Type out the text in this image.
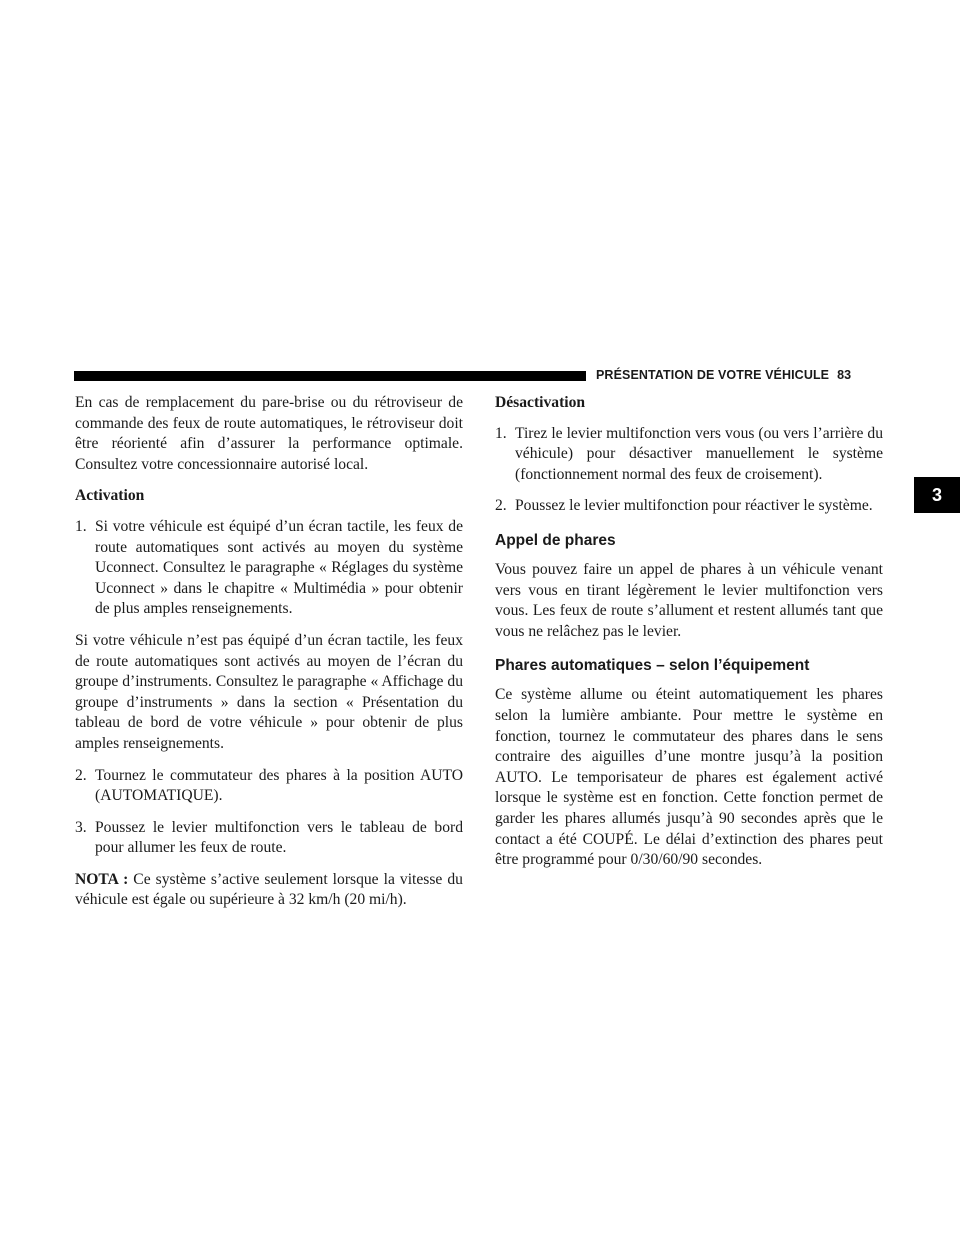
PRÉSENTATION DE VOTRE VÉHICULE 83
3

En cas de remplacement du pare-brise ou du rétroviseur de commande des feux de route automatiques, le rétroviseur doit être réorienté afin d’assurer la performance optimale. Consultez votre concessionnaire autorisé local.

Activation
1. Si votre véhicule est équipé d’un écran tactile, les feux de route automatiques sont activés au moyen du système Uconnect. Consultez le paragraphe « Réglages du système Uconnect » dans le chapitre « Multimédia » pour obtenir de plus amples renseignements.

Si votre véhicule n’est pas équipé d’un écran tactile, les feux de route automatiques sont activés au moyen de l’écran du groupe d’instruments. Consultez le paragraphe « Affichage du groupe d’instruments » dans la section « Présentation du tableau de bord de votre véhicule » pour obtenir de plus amples renseignements.

2. Tournez le commutateur des phares à la position AUTO (AUTOMATIQUE).
3. Poussez le levier multifonction vers le tableau de bord pour allumer les feux de route.

NOTA : Ce système s’active seulement lorsque la vitesse du véhicule est égale ou supérieure à 32 km/h (20 mi/h).

Désactivation
1. Tirez le levier multifonction vers vous (ou vers l’arrière du véhicule) pour désactiver manuellement le système (fonctionnement normal des feux de croisement).
2. Poussez le levier multifonction pour réactiver le système.
Appel de phares

Vous pouvez faire un appel de phares à un véhicule venant vers vous en tirant légèrement le levier multifonction vers vous. Les feux de route s’allument et restent allumés tant que vous ne relâchez pas le levier.

Phares automatiques – selon l’équipement

Ce système allume ou éteint automatiquement les phares selon la lumière ambiante. Pour mettre le système en fonction, tournez le commutateur des phares dans le sens contraire des aiguilles d’une montre jusqu’à la position AUTO. Le temporisateur de phares est également activé lorsque le système est en fonction. Cette fonction permet de garder les phares allumés jusqu’à 90 secondes après que le contact a été COUPÉ. Le délai d’extinction des phares peut être programmé pour 0/30/60/90 secondes.
